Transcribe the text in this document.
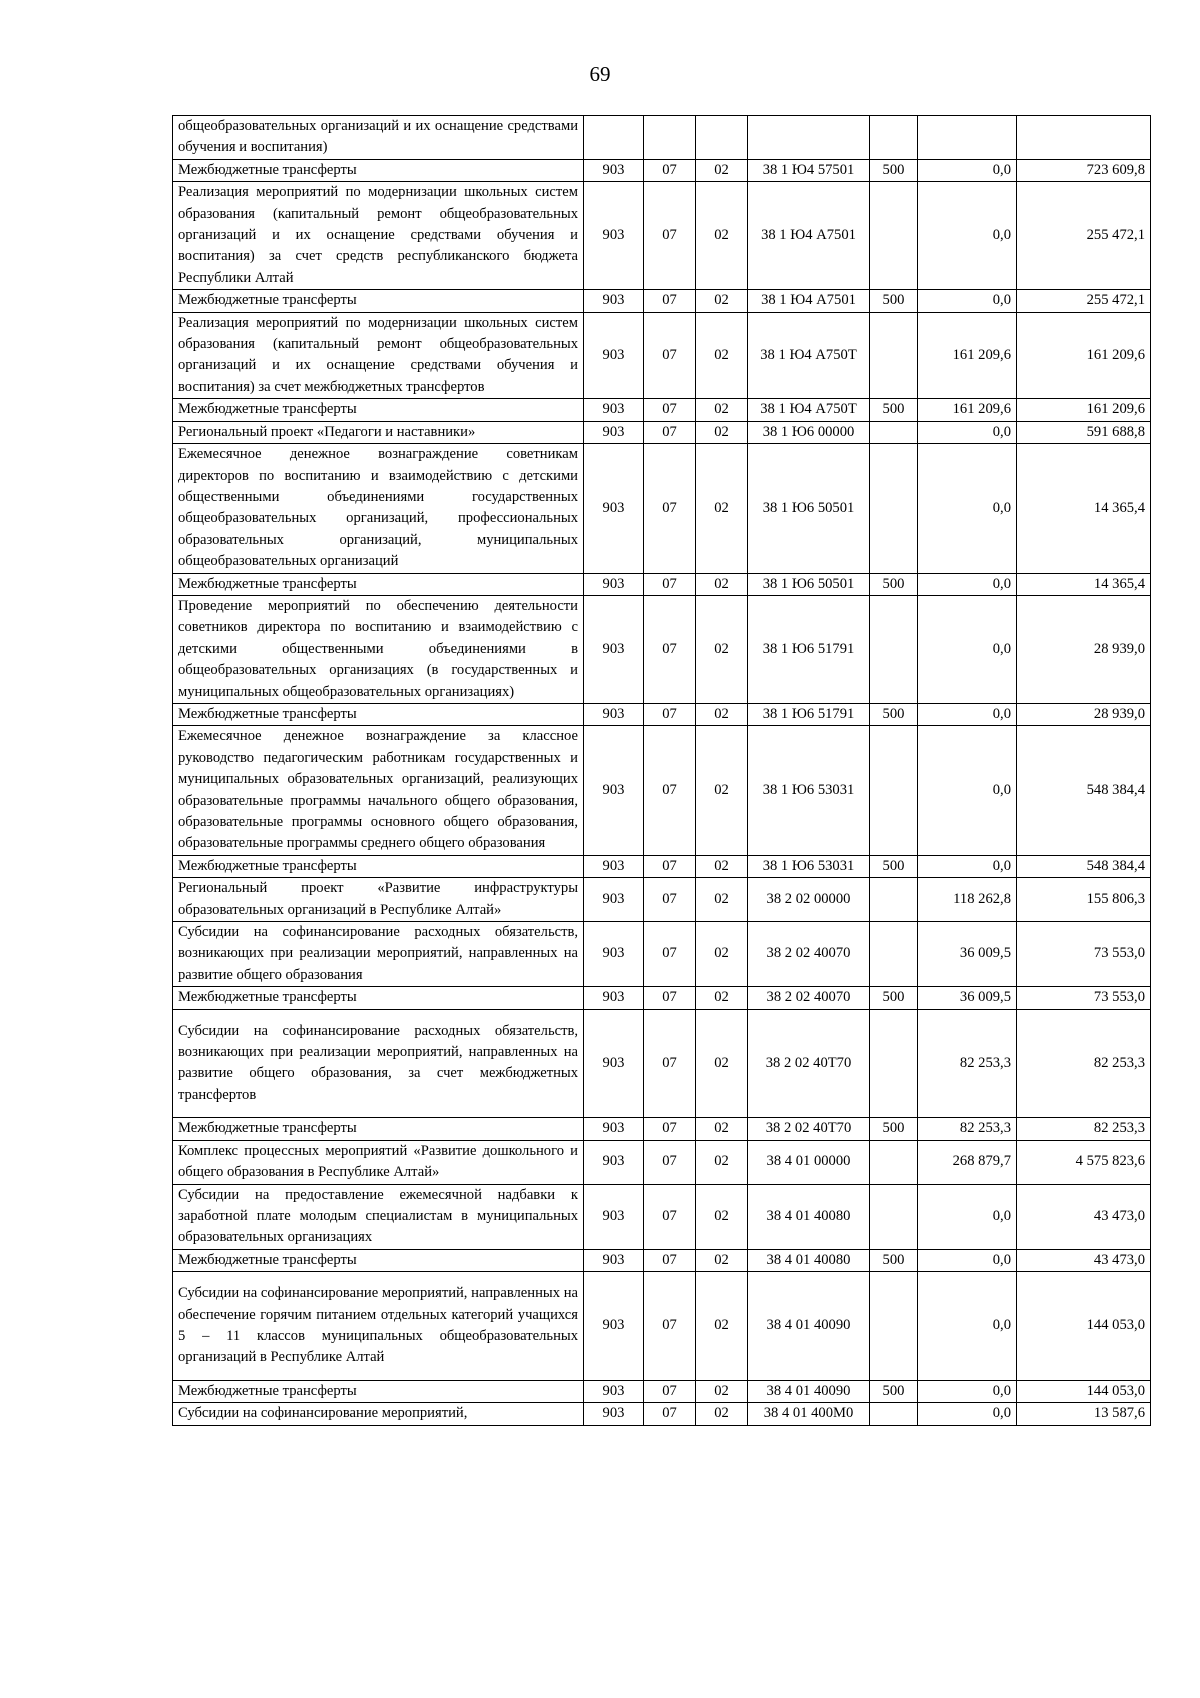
69
общеобразовательных организаций и их оснащение средствами обучения и воспитания)							
Межбюджетные трансферты	903	07	02	38 1 Ю4 57501	500	0,0	723 609,8
Реализация мероприятий по модернизации школьных систем образования (капитальный ремонт общеобразовательных организаций и их оснащение средствами обучения и воспитания) за счет средств республиканского бюджета Республики Алтай	903	07	02	38 1 Ю4 А7501		0,0	255 472,1
Межбюджетные трансферты	903	07	02	38 1 Ю4 А7501	500	0,0	255 472,1
Реализация мероприятий по модернизации школьных систем образования (капитальный ремонт общеобразовательных организаций и их оснащение средствами обучения и воспитания) за счет межбюджетных трансфертов	903	07	02	38 1 Ю4 А750Т		161 209,6	161 209,6
Межбюджетные трансферты	903	07	02	38 1 Ю4 А750Т	500	161 209,6	161 209,6
Региональный проект «Педагоги и наставники»	903	07	02	38 1 Ю6 00000		0,0	591 688,8
Ежемесячное денежное вознаграждение советникам директоров по воспитанию и взаимодействию с детскими общественными объединениями государственных общеобразовательных организаций, профессиональных образовательных организаций, муниципальных общеобразовательных организаций	903	07	02	38 1 Ю6 50501		0,0	14 365,4
Межбюджетные трансферты	903	07	02	38 1 Ю6 50501	500	0,0	14 365,4
Проведение мероприятий по обеспечению деятельности советников директора по воспитанию и взаимодействию с детскими общественными объединениями в общеобразовательных организациях (в государственных и муниципальных общеобразовательных организациях)	903	07	02	38 1 Ю6 51791		0,0	28 939,0
Межбюджетные трансферты	903	07	02	38 1 Ю6 51791	500	0,0	28 939,0
Ежемесячное денежное вознаграждение за классное руководство педагогическим работникам государственных и муниципальных образовательных организаций, реализующих образовательные программы начального общего образования, образовательные программы основного общего образования, образовательные программы среднего общего образования	903	07	02	38 1 Ю6 53031		0,0	548 384,4
Межбюджетные трансферты	903	07	02	38 1 Ю6 53031	500	0,0	548 384,4
Региональный проект «Развитие инфраструктуры образовательных организаций в Республике Алтай»	903	07	02	38 2 02 00000		118 262,8	155 806,3
Субсидии на софинансирование расходных обязательств, возникающих при реализации мероприятий, направленных на развитие общего образования	903	07	02	38 2 02 40070		36 009,5	73 553,0
Межбюджетные трансферты	903	07	02	38 2 02 40070	500	36 009,5	73 553,0
Субсидии на софинансирование расходных обязательств, возникающих при реализации мероприятий, направленных на развитие общего образования, за счет межбюджетных трансфертов	903	07	02	38 2 02 40Т70		82 253,3	82 253,3
Межбюджетные трансферты	903	07	02	38 2 02 40Т70	500	82 253,3	82 253,3
Комплекс процессных мероприятий «Развитие дошкольного и общего образования в Республике Алтай»	903	07	02	38 4 01 00000		268 879,7	4 575 823,6
Субсидии на предоставление ежемесячной надбавки к заработной плате молодым специалистам в муниципальных образовательных организациях	903	07	02	38 4 01 40080		0,0	43 473,0
Межбюджетные трансферты	903	07	02	38 4 01 40080	500	0,0	43 473,0
Субсидии на софинансирование мероприятий, направленных на обеспечение горячим питанием отдельных категорий учащихся 5 – 11 классов муниципальных общеобразовательных организаций в Республике Алтай	903	07	02	38 4 01 40090		0,0	144 053,0
Межбюджетные трансферты	903	07	02	38 4 01 40090	500	0,0	144 053,0
Субсидии на софинансирование мероприятий,	903	07	02	38 4 01 400М0		0,0	13 587,6
